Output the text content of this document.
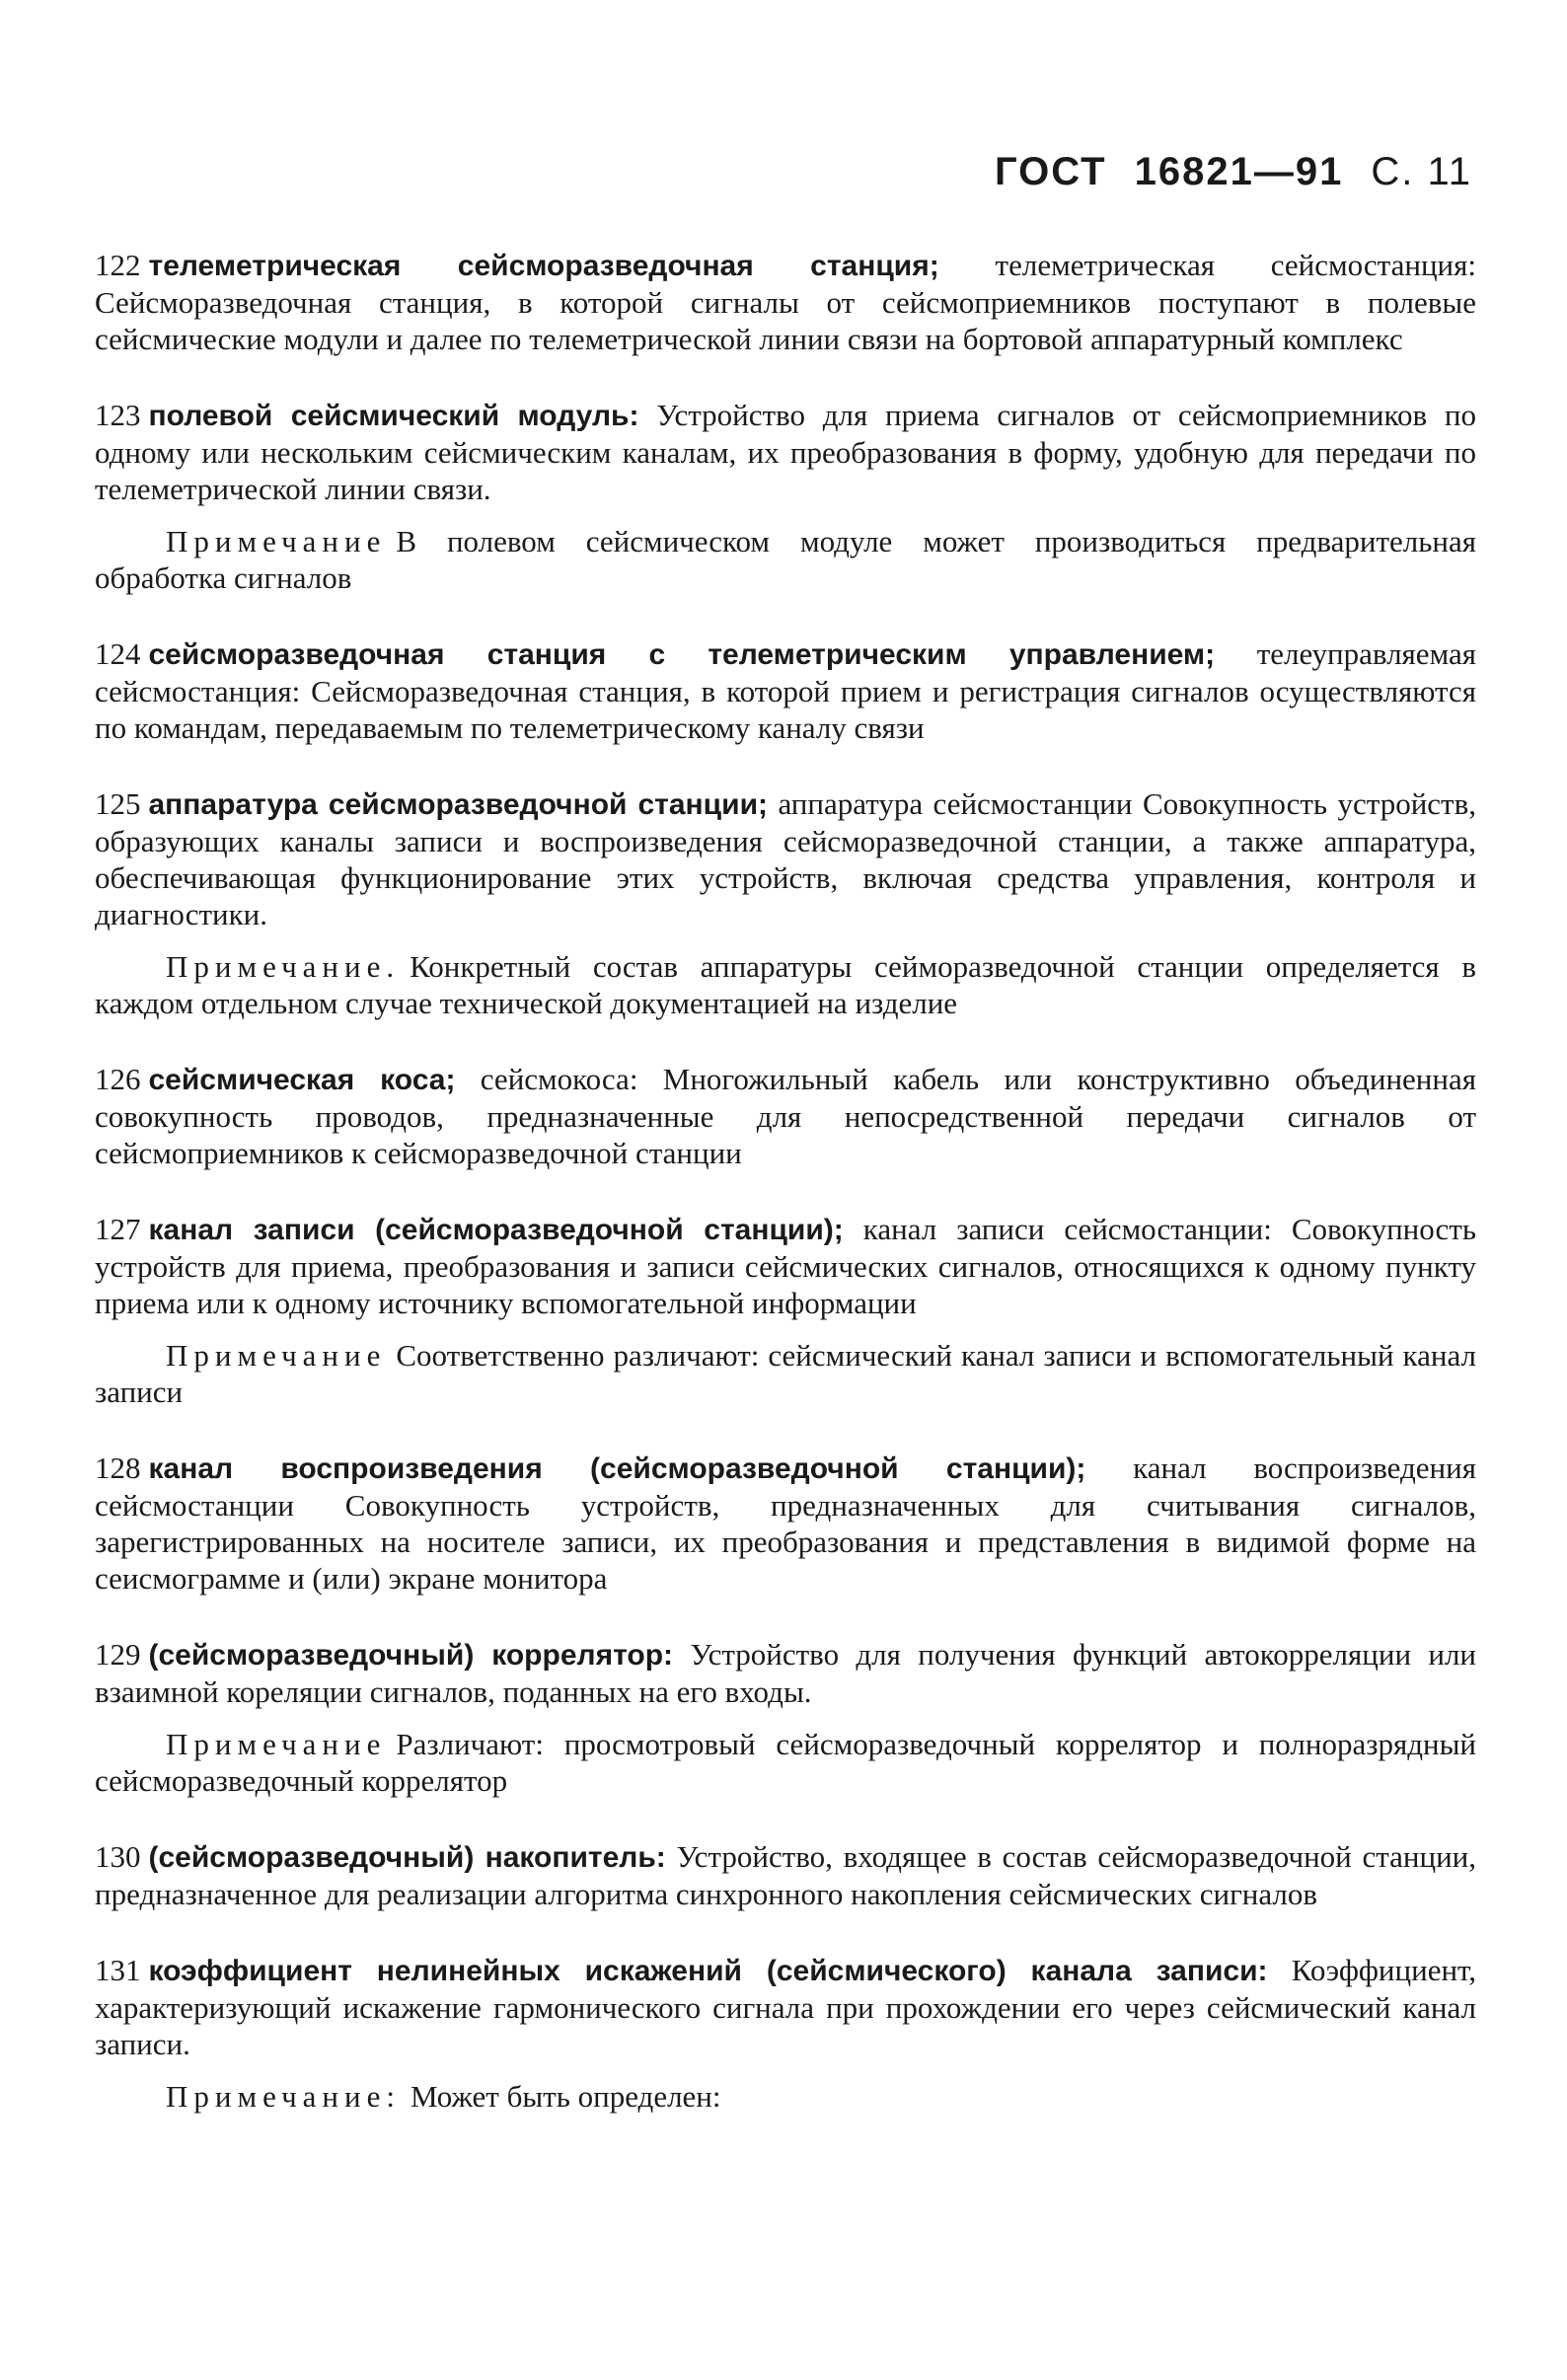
ГОСТ 16821—91 С. 11

122 телеметрическая сейсморазведочная станция; телеметрическая сейсмостанция: Сейсморазведочная станция, в которой сигналы от сейсмоприемников поступают в полевые сейсмические модули и далее по телеметрической линии связи на бортовой аппаратурный комплекс

123 полевой сейсмический модуль: Устройство для приема сигналов от сейсмоприемников по одному или нескольким сейсмическим каналам, их преобразования в форму, удобную для передачи по телеметрической линии связи.

Примечание В полевом сейсмическом модуле может производиться предварительная обработка сигналов

124 сейсморазведочная станция с телеметрическим управлением; телеуправляемая сейсмостанция: Сейсморазведочная станция, в которой прием и регистрация сигналов осуществляются по командам, передаваемым по телеметрическому каналу связи

125 аппаратура сейсморазведочной станции; аппаратура сейсмостанции Совокупность устройств, образующих каналы записи и воспроизведения сейсморазведочной станции, а также аппаратура, обеспечивающая функционирование этих устройств, включая средства управления, контроля и диагностики.

Примечание. Конкретный состав аппаратуры сейморазведочной станции определяется в каждом отдельном случае технической документацией на изделие

126 сейсмическая коса; сейсмокоса: Многожильный кабель или конструктивно объединенная совокупность проводов, предназначенные для непосредственной передачи сигналов от сейсмоприемников к сейсморазведочной станции

127 канал записи (сейсморазведочной станции); канал записи сейсмостанции: Совокупность устройств для приема, преобразования и записи сейсмических сигналов, относящихся к одному пункту приема или к одному источнику вспомогательной информации

Примечание Соответственно различают: сейсмический канал записи и вспомогательный канал записи

128 канал воспроизведения (сейсморазведочной станции); канал воспроизведения сейсмостанции Совокупность устройств, предназначенных для считывания сигналов, зарегистрированных на носителе записи, их преобразования и представления в видимой форме на сеисмограмме и (или) экране монитора

129 (сейсморазведочный) коррелятор: Устройство для получения функций автокорреляции или взаимной кореляции сигналов, поданных на его входы.

Примечание Различают: просмотровый сейсморазведочный коррелятор и полноразрядный сейсморазведочный коррелятор

130 (сейсморазведочный) накопитель: Устройство, входящее в состав сейсморазведочной станции, предназначенное для реализации алгоритма синхронного накопления сейсмических сигналов

131 коэффициент нелинейных искажений (сейсмического) канала записи: Коэффициент, характеризующий искажение гармонического сигнала при прохождении его через сейсмический канал записи.

Примечание: Может быть определен:
